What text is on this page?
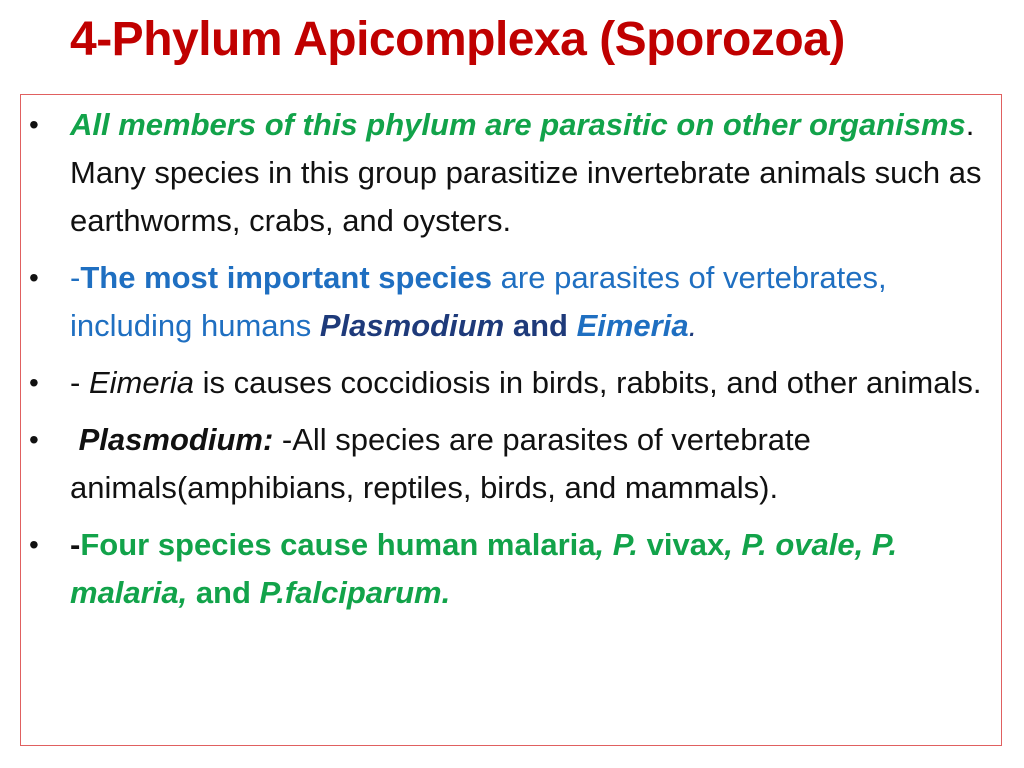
4-Phylum Apicomplexa (Sporozoa)
• All members of this phylum are parasitic on other organisms. Many species in this group parasitize invertebrate animals such as earthworms, crabs, and oysters.
• -The most important species are parasites of vertebrates, including humans Plasmodium and Eimeria.
• - Eimeria is causes coccidiosis in birds, rabbits, and other animals.
• Plasmodium: -All species are parasites of vertebrate animals(amphibians, reptiles, birds, and mammals).
• -Four species cause human malaria, P. vivax, P. ovale, P. malaria, and P.falciparum.
